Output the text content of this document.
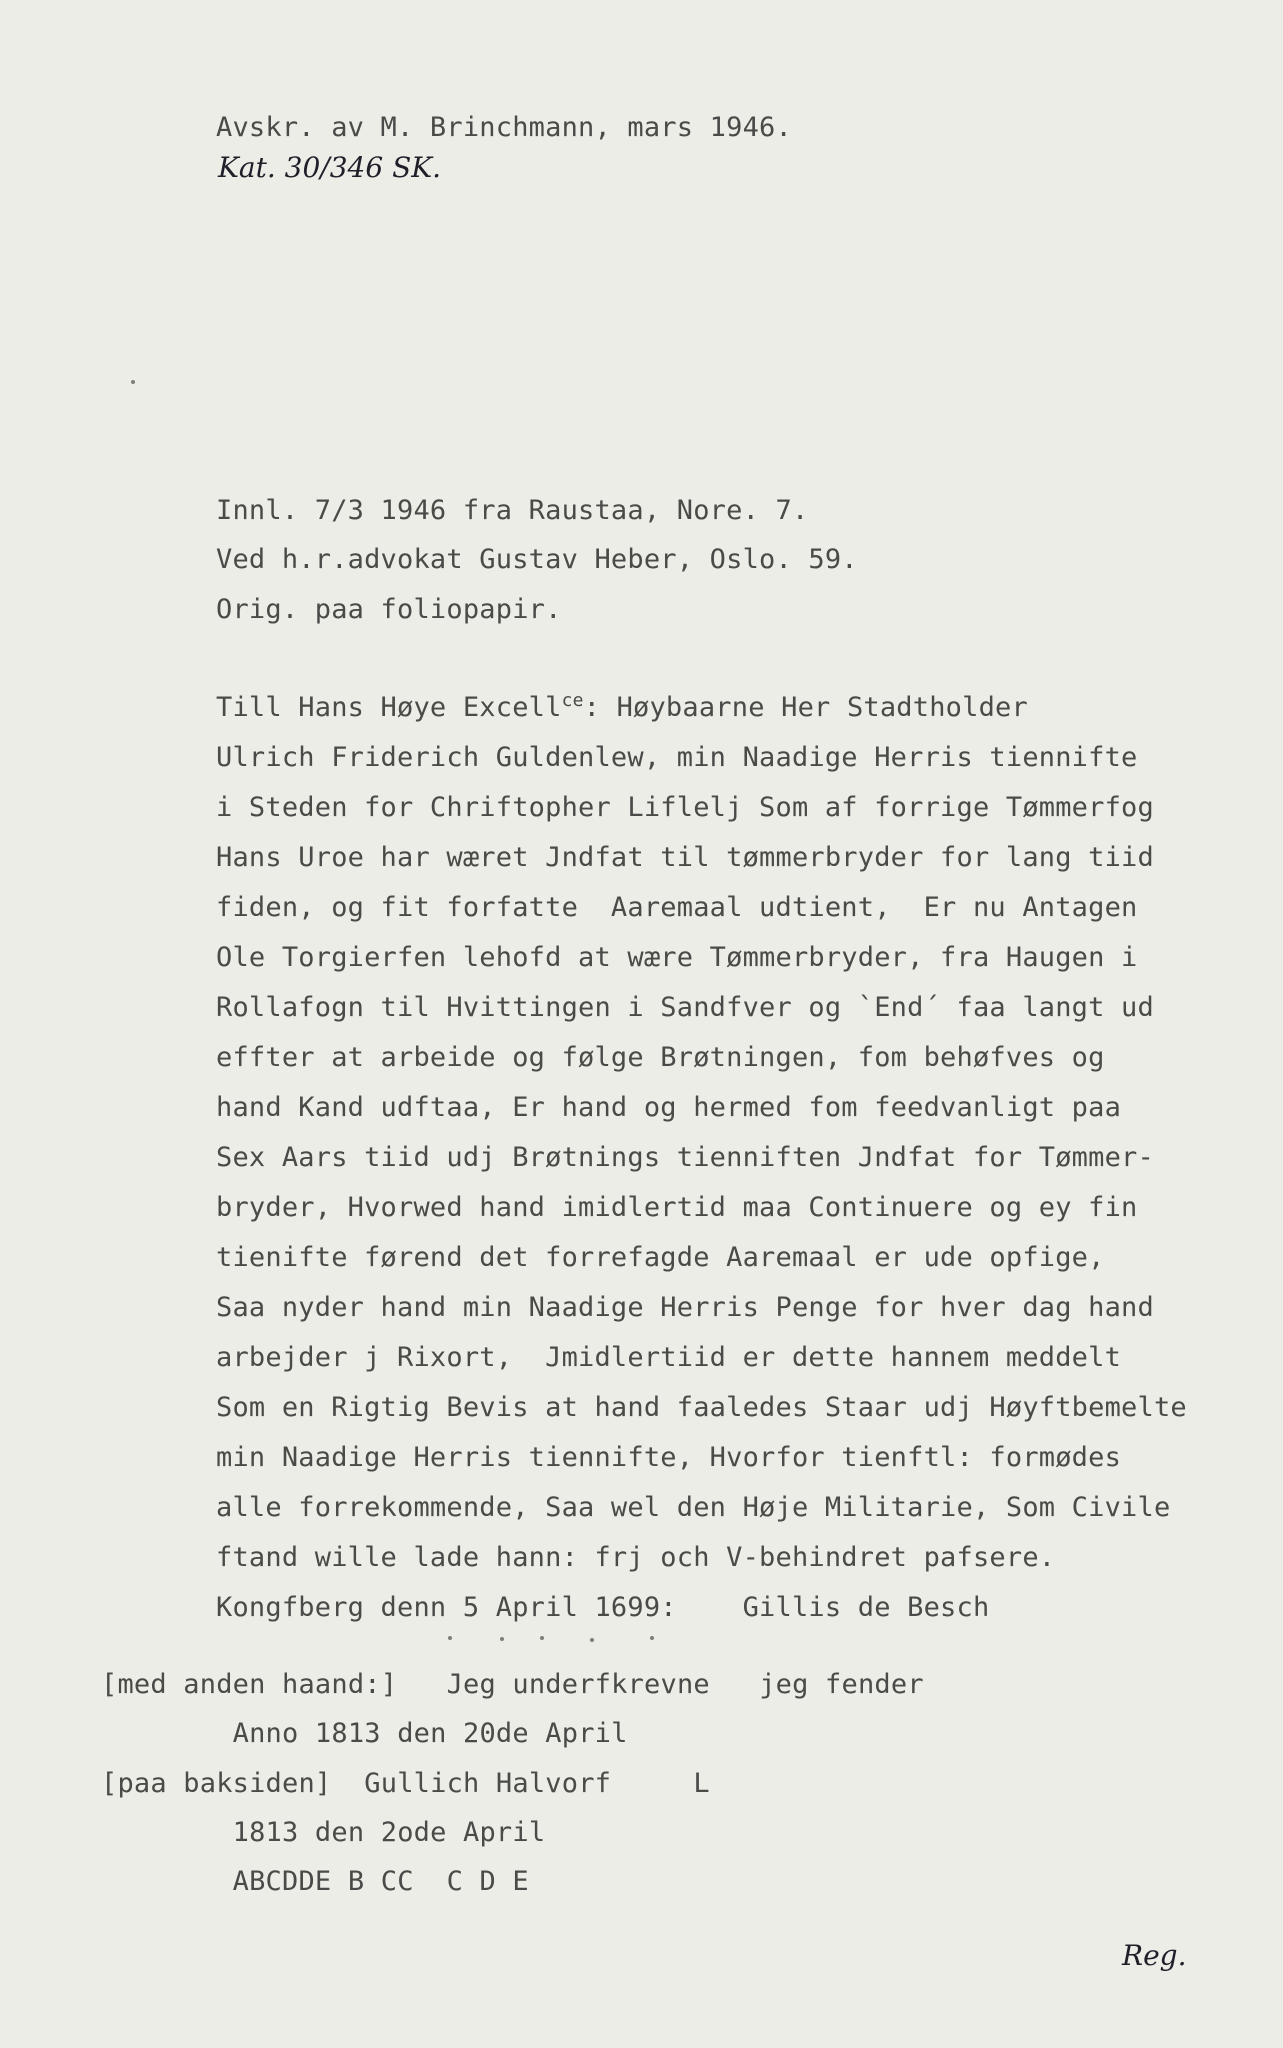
Avskr. av M. Brinchmann, mars 1946.
Kat. 30/346 SK.
Innl. 7/3 1946 fra Raustaa, Nore. 7.
Ved h.r.advokat Gustav Heber, Oslo. 59.
Orig. paa foliopapir.
Till Hans Høye Excell$^{ce}$: Høybaarne Her Stadtholder
Ulrich Friderich Guldenlew, min Naadige Herris tiennifte
i Steden for Chriftopher Liflelj Som af forrige Tømmerfog
Hans Uroe har wæret Jndfat til tømmerbryder for lang tiid
fiden, og fit forfatte  Aaremaal udtient,  Er nu Antagen
Ole Torgierfen lehofd at wære Tømmerbryder, fra Haugen i
Rollafogn til Hvittingen i Sandfver og `End´ faa langt ud
effter at arbeide og følge Brøtningen, fom behøfves og
hand Kand udftaa, Er hand og hermed fom feedvanligt paa
Sex Aars tiid udj Brøtnings tienniften Jndfat for Tømmer-
bryder, Hvorwed hand imidlertid maa Continuere og ey fin
tienifte førend det forrefagde Aaremaal er ude opfige,
Saa nyder hand min Naadige Herris Penge for hver dag hand
arbejder j Rixort,  Jmidlertiid er dette hannem meddelt
Som en Rigtig Bevis at hand faaledes Staar udj Høyftbemelte
min Naadige Herris tiennifte, Hvorfor tienftl: formødes
alle forrekommende, Saa wel den Høje Militarie, Som Civile
ftand wille lade hann: frj och V-behindret pafsere.
Kongfberg denn 5 April 1699:    Gillis de Besch
[med anden haand:]   Jeg underfkrevne   jeg fender
Anno 1813 den 20de April
[paa baksiden]  Gullich Halvorf     L
1813 den 2ode April
ABCDDE B CC  C D E
Reg.
